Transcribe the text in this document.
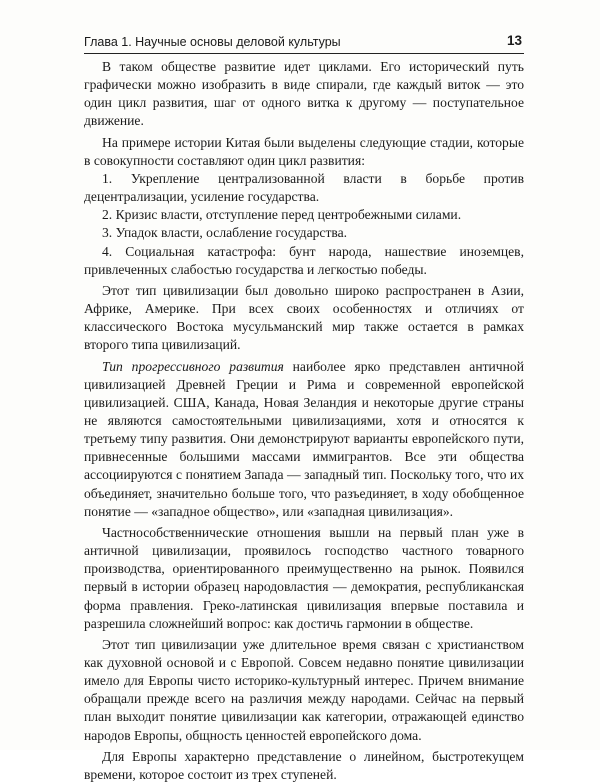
Глава 1. Научные основы деловой культуры	13

В таком обществе развитие идет циклами. Его исторический путь графически можно изобразить в виде спирали, где каждый виток — это один цикл развития, шаг от одного витка к другому — поступательное движение.

На примере истории Китая были выделены следующие стадии, которые в совокупности составляют один цикл развития:

1. Укрепление централизованной власти в борьбе против децентрализации, усиление государства.

2. Кризис власти, отступление перед центробежными силами.

3. Упадок власти, ослабление государства.

4. Социальная катастрофа: бунт народа, нашествие иноземцев, привлеченных слабостью государства и легкостью победы.

Этот тип цивилизации был довольно широко распространен в Азии, Африке, Америке. При всех своих особенностях и отличиях от классического Востока мусульманский мир также остается в рамках второго типа цивилизаций.

Тип прогрессивного развития наиболее ярко представлен античной цивилизацией Древней Греции и Рима и современной европейской цивилизацией. США, Канада, Новая Зеландия и некоторые другие страны не являются самостоятельными цивилизациями, хотя и относятся к третьему типу развития. Они демонстрируют варианты европейского пути, привнесенные большими массами иммигрантов. Все эти общества ассоциируются с понятием Запада — западный тип. Поскольку того, что их объединяет, значительно больше того, что разъединяет, в ходу обобщенное понятие — «западное общество», или «западная цивилизация».

Частнособственнические отношения вышли на первый план уже в античной цивилизации, проявилось господство частного товарного производства, ориентированного преимущественно на рынок. Появился первый в истории образец народовластия — демократия, республиканская форма правления. Греко-латинская цивилизация впервые поставила и разрешила сложнейший вопрос: как достичь гармонии в обществе.

Этот тип цивилизации уже длительное время связан с христианством как духовной основой и с Европой. Совсем недавно понятие цивилизации имело для Европы чисто историко-культурный интерес. Причем внимание обращали прежде всего на различия между народами. Сейчас на первый план выходит понятие цивилизации как категории, отражающей единство народов Европы, общность ценностей европейского дома.

Для Европы характерно представление о линейном, быстротекущем времени, которое состоит из трех ступеней.
